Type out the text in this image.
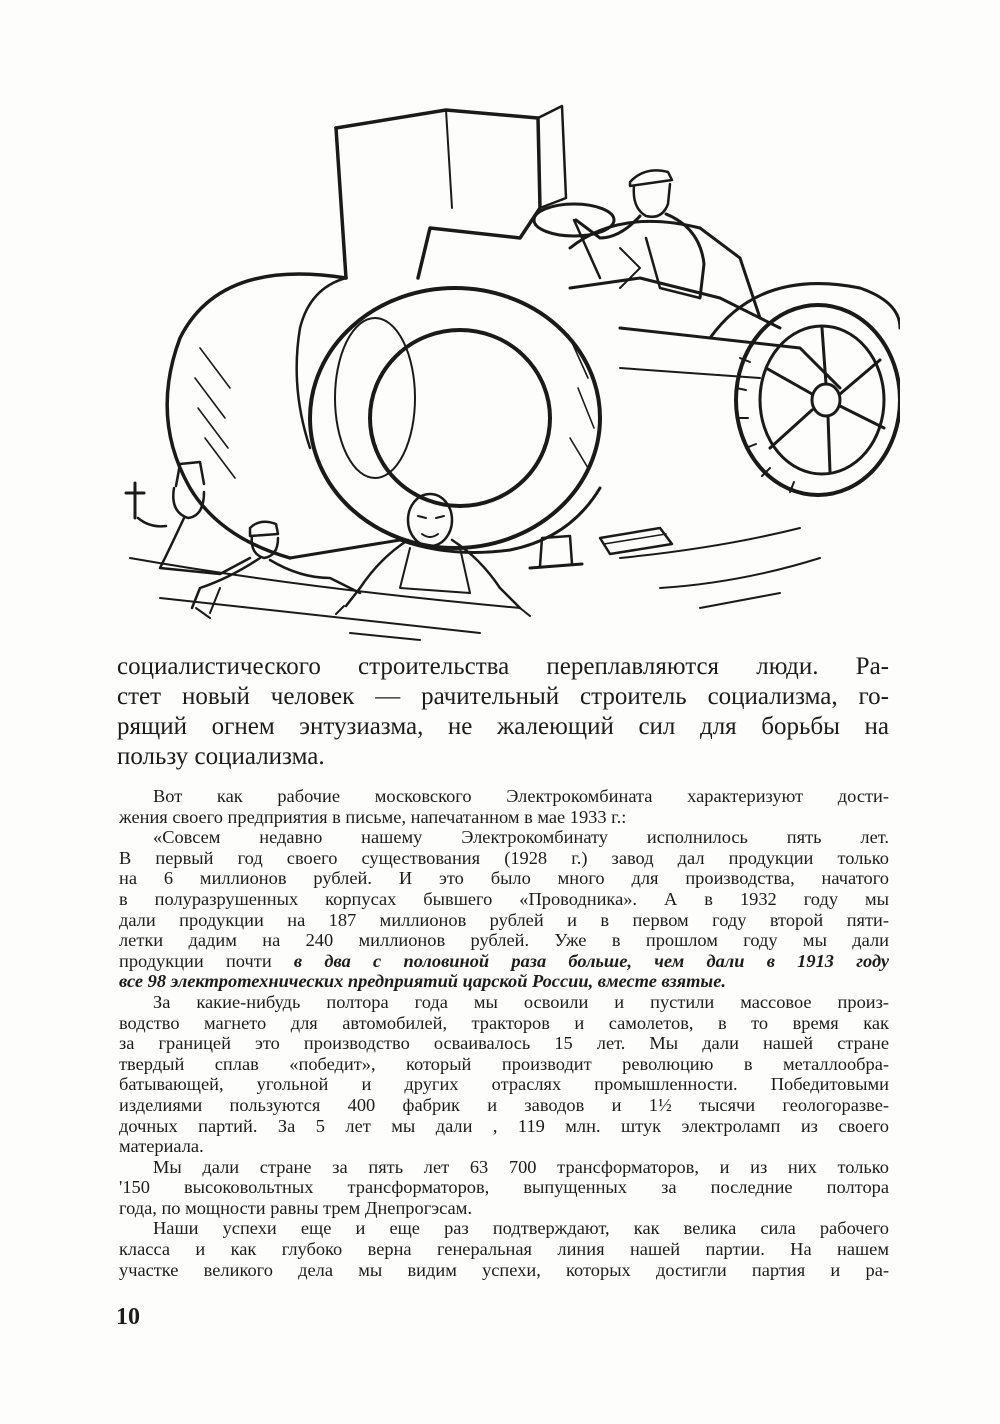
социалистического строительства переплавляются люди. Ра-
стет новый человек — рачительный строитель социализма, го-
рящий огнем энтузиазма, не жалеющий сил для борьбы на
пользу социализма.
Вот как рабочие московского Электрокомбината характеризуют дости-
жения своего предприятия в письме, напечатанном в мае 1933 г.:
«Совсем недавно нашему Электрокомбинату исполнилось пять лет.
В первый год своего существования (1928 г.) завод дал продукции только
на 6 миллионов рублей. И это было много для производства, начатого
в полуразрушенных корпусах бывшего «Проводника». А в 1932 году мы
дали продукции на 187 миллионов рублей и в первом году второй пяти-
летки дадим на 240 миллионов рублей. Уже в прошлом году мы дали
продукции почти в два с половиной раза больше, чем дали в 1913 году
все 98 электротехнических предприятий царской России, вместе взятые.
За какие-нибудь полтора года мы освоили и пустили массовое произ-
водство магнето для автомобилей, тракторов и самолетов, в то время как
за границей это производство осваивалось 15 лет. Мы дали нашей стране
твердый сплав «победит», который производит революцию в металлообра-
батывающей, угольной и других отраслях промышленности. Победитовыми
изделиями пользуются 400 фабрик и заводов и 1½ тысячи геологоразве-
дочных партий. За 5 лет мы дали , 119 млн. штук электроламп из своего
материала.
Мы дали стране за пять лет 63 700 трансформаторов, и из них только
'150 высоковольтных трансформаторов, выпущенных за последние полтора
года, по мощности равны трем Днепрогэсам.
Наши успехи еще и еще раз подтверждают, как велика сила рабочего
класса и как глубоко верна генеральная линия нашей партии. На нашем
участке великого дела мы видим успехи, которых достигли партия и ра-
10
